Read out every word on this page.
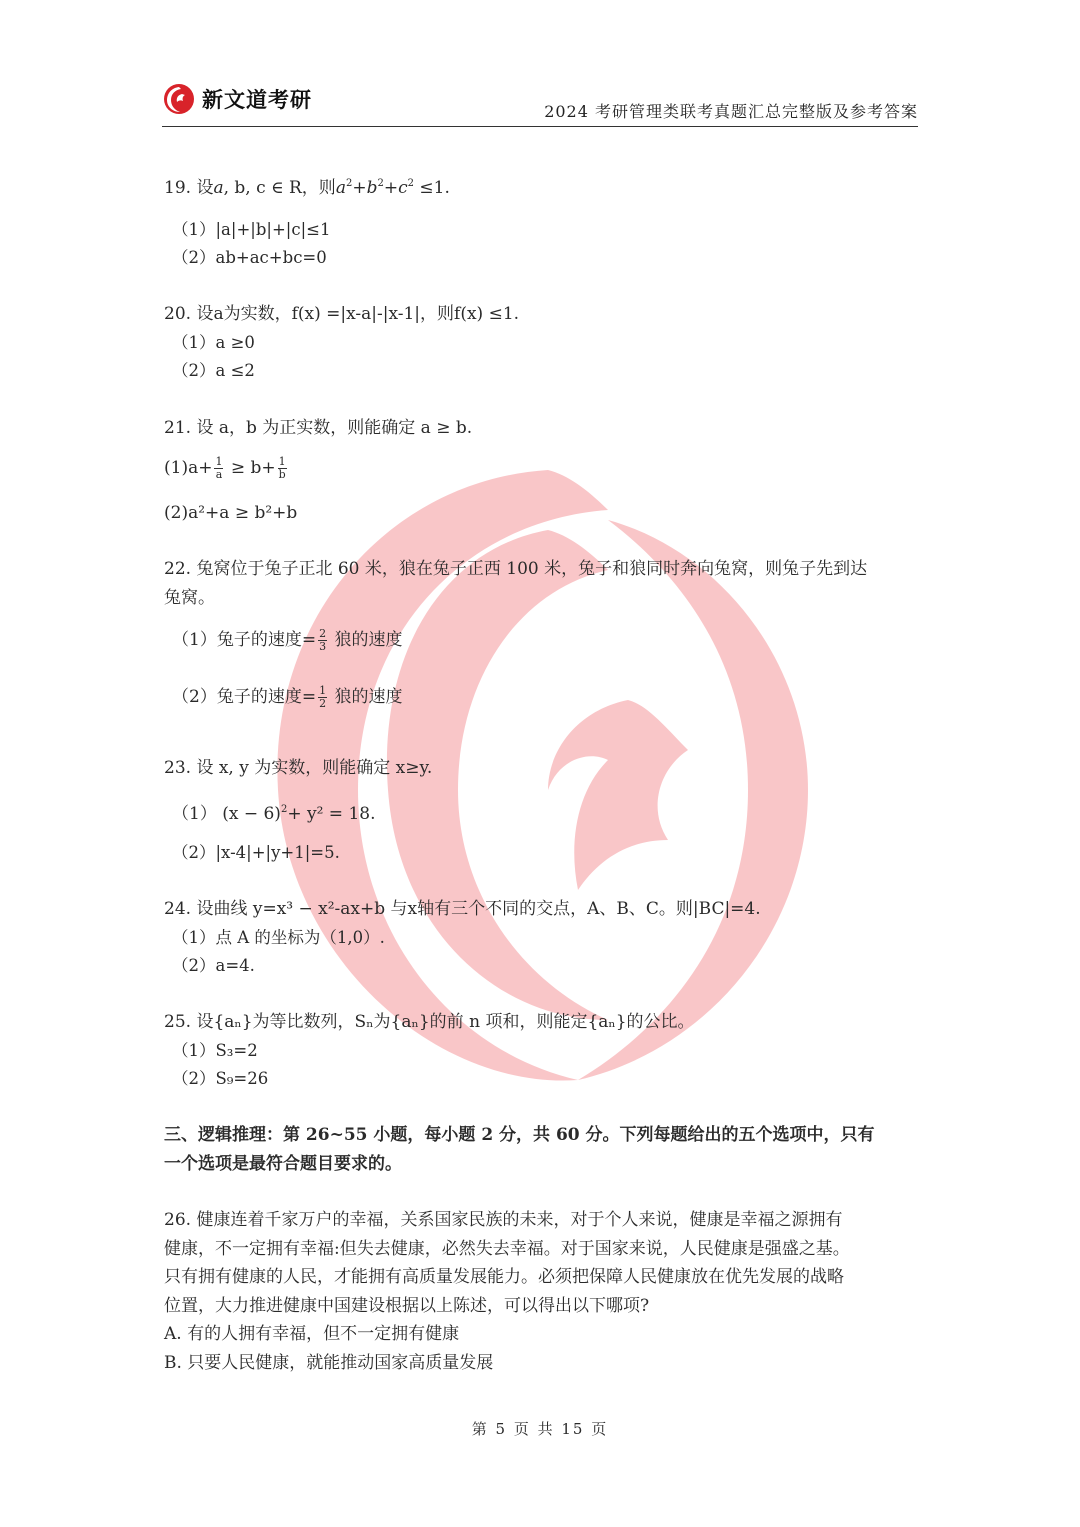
新文道考研	2024 考研管理类联考真题汇总完整版及参考答案
19. 设a, b, c ∈ R，则$a^2+b^2+c^2 \le 1$.
（1）|a|+|b|+|c|≤1
（2）ab+ac+bc=0
20. 设a为实数，f(x) =|x-a|-|x-1|，则f(x) ≤1.
（1）a ≥0
（2）a ≤2
21. 设 a，b 为正实数，则能确定 a ≥ b.
$(1)a+ \frac{1}{a} \ge b+ \frac{1}{b}$
(2)a²+a ≥ b²+b
22. 兔窝位于兔子正北 60 米，狼在兔子正西 100 米，兔子和狼同时奔向兔窝，则兔子先到达
兔窝。
（1）兔子的速度= $\frac{2}{3}$ 狼的速度
（2）兔子的速度= $\frac{1}{2}$ 狼的速度
23. 设 x, y 为实数，则能确定 x≥y.
（1） $(x - 6)^2+ y^2 = 18$.
（2）|x-4|+|y+1|=5.
24. 设曲线 y=x³ − x²-ax+b 与x轴有三个不同的交点，A、B、C。则|BC|=4.
（1）点 A 的坐标为（1,0）.
（2）a=4.
25. 设{aₙ}为等比数列，Sₙ为{aₙ}的前 n 项和，则能定{aₙ}的公比。
（1）S₃=2
（2）S₉=26
三、逻辑推理：第 26~55 小题，每小题 2 分，共 60 分。下列每题给出的五个选项中，只有
一个选项是最符合题目要求的。
26. 健康连着千家万户的幸福，关系国家民族的未来，对于个人来说，健康是幸福之源拥有
健康，不一定拥有幸福:但失去健康，必然失去幸福。对于国家来说，人民健康是强盛之基。
只有拥有健康的人民，才能拥有高质量发展能力。必须把保障人民健康放在优先发展的战略
位置，大力推进健康中国建设根据以上陈述，可以得出以下哪项?
A. 有的人拥有幸福，但不一定拥有健康
B. 只要人民健康，就能推动国家高质量发展
第 5 页 共 15 页
